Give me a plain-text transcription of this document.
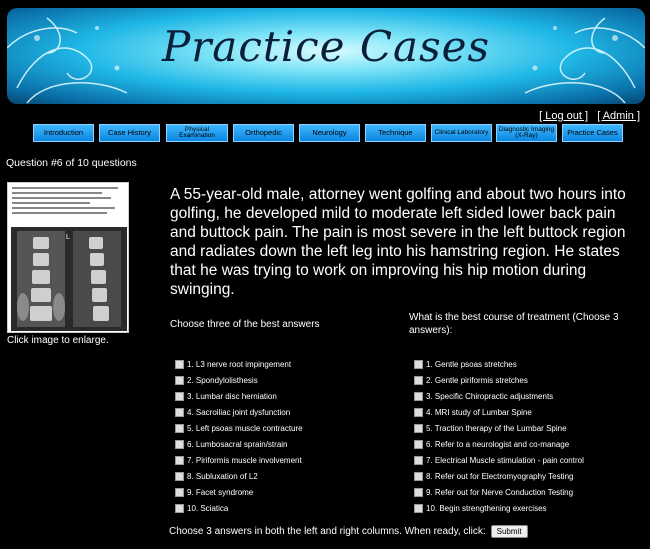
Practice Cases
[ Log out ] [ Admin ]
Introduction	Case History	Physical Examination	Orthopedic	Neurology	Technique	Clinical Laboratory	Diagnostic Imaging (X-Ray)	Practice Cases
Question #6 of 10 questions
L
Click image to enlarge.
A 55-year-old male, attorney went golfing and about two hours into golfing, he developed mild to moderate left sided lower back pain and buttock pain. The pain is most severe in the left buttock region and radiates down the left leg into his hamstring region. He states that he was trying to work on improving his hip motion during swinging.
Choose three of the best answers
What is the best course of treatment (Choose 3 answers):
1. L3 nerve root impingement
2. Spondylolisthesis
3. Lumbar disc herniation
4. Sacroiliac joint dysfunction
5. Left psoas muscle contracture
6. Lumbosacral sprain/strain
7. Piriformis muscle involvement
8. Subluxation of L2
9. Facet syndrome
10. Sciatica
1. Gentle psoas stretches
2. Gentle piriformis stretches
3. Specific Chiropractic adjustments
4. MRI study of Lumbar Spine
5. Traction therapy of the Lumbar Spine
6. Refer to a neurologist and co-manage
7. Electrical Muscle stimulation - pain control
8. Refer out for Electromyography Testing
9. Refer out for Nerve Conduction Testing
10. Begin strengthening exercises
Choose 3 answers in both the left and right columns. When ready, click:	Submit
